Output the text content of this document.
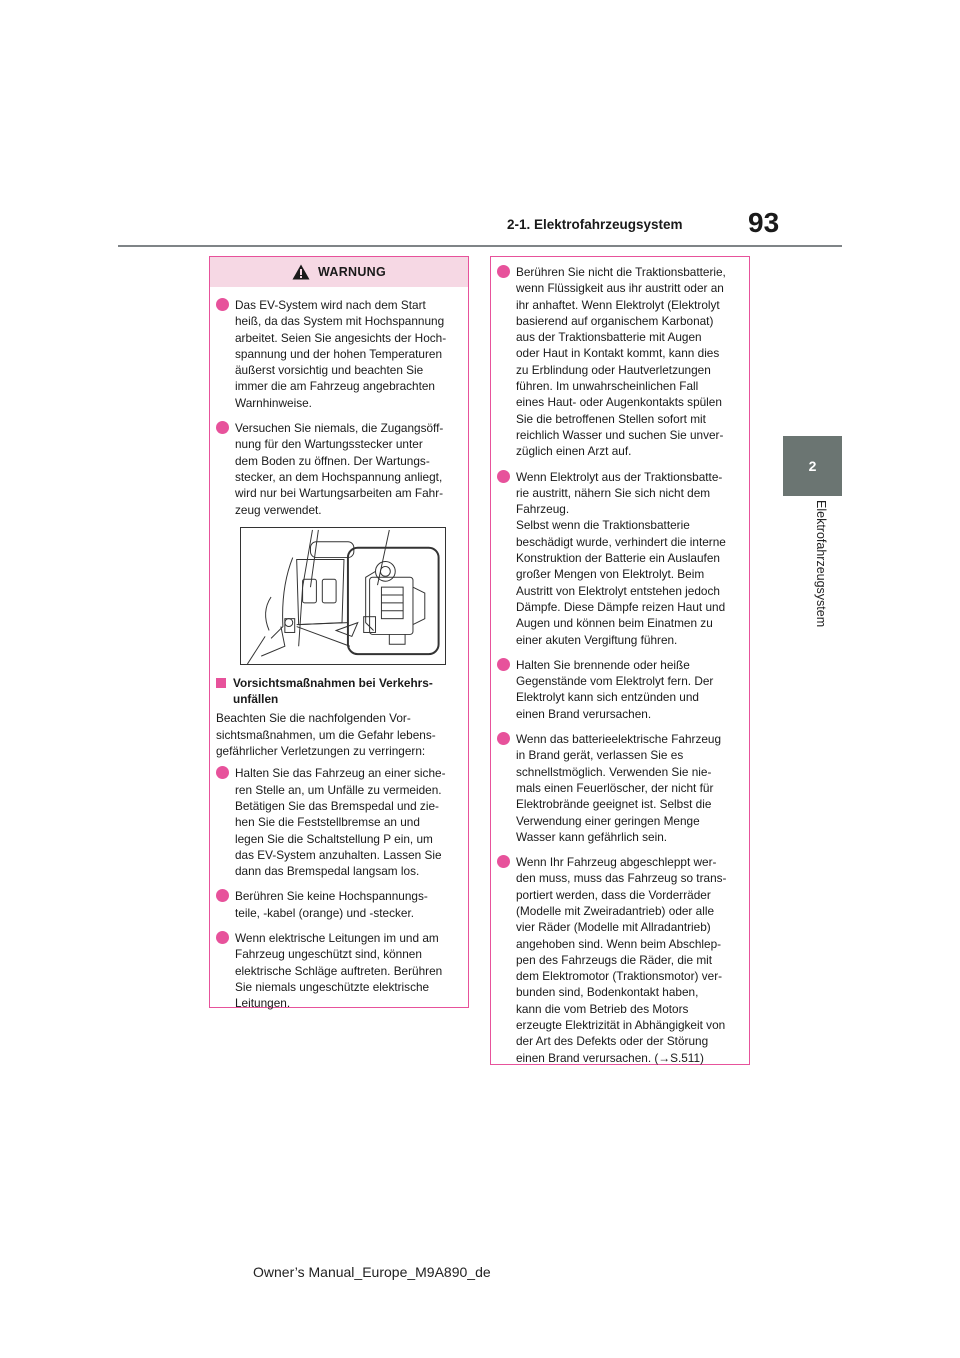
93
2-1. Elektrofahrzeugsystem
2
Elektrofahrzeugsystem
WARNUNG
Das EV-System wird nach dem Start
heiß, da das System mit Hochspannung
arbeitet. Seien Sie angesichts der Hoch-
spannung und der hohen Temperaturen
äußerst vorsichtig und beachten Sie
immer die am Fahrzeug angebrachten
Warnhinweise.
Versuchen Sie niemals, die Zugangsöff-
nung für den Wartungsstecker unter
dem Boden zu öffnen. Der Wartungs-
stecker, an dem Hochspannung anliegt,
wird nur bei Wartungsarbeiten am Fahr-
zeug verwendet.
Vorsichtsmaßnahmen bei Verkehrs-
unfällen
Beachten Sie die nachfolgenden Vor-
sichtsmaßnahmen, um die Gefahr lebens-
gefährlicher Verletzungen zu verringern:
Halten Sie das Fahrzeug an einer siche-
ren Stelle an, um Unfälle zu vermeiden.
Betätigen Sie das Bremspedal und zie-
hen Sie die Feststellbremse an und
legen Sie die Schaltstellung P ein, um
das EV-System anzuhalten. Lassen Sie
dann das Bremspedal langsam los.
Berühren Sie keine Hochspannungs-
teile, -kabel (orange) und -stecker.
Wenn elektrische Leitungen im und am
Fahrzeug ungeschützt sind, können
elektrische Schläge auftreten. Berühren
Sie niemals ungeschützte elektrische
Leitungen.
Berühren Sie nicht die Traktionsbatterie,
wenn Flüssigkeit aus ihr austritt oder an
ihr anhaftet. Wenn Elektrolyt (Elektrolyt
basierend auf organischem Karbonat)
aus der Traktionsbatterie mit Augen
oder Haut in Kontakt kommt, kann dies
zu Erblindung oder Hautverletzungen
führen. Im unwahrscheinlichen Fall
eines Haut- oder Augenkontakts spülen
Sie die betroffenen Stellen sofort mit
reichlich Wasser und suchen Sie unver-
züglich einen Arzt auf.
Wenn Elektrolyt aus der Traktionsbatte-
rie austritt, nähern Sie sich nicht dem
Fahrzeug.
Selbst wenn die Traktionsbatterie
beschädigt wurde, verhindert die interne
Konstruktion der Batterie ein Auslaufen
großer Mengen von Elektrolyt. Beim
Austritt von Elektrolyt entstehen jedoch
Dämpfe. Diese Dämpfe reizen Haut und
Augen und können beim Einatmen zu
einer akuten Vergiftung führen.
Halten Sie brennende oder heiße
Gegenstände vom Elektrolyt fern. Der
Elektrolyt kann sich entzünden und
einen Brand verursachen.
Wenn das batterieelektrische Fahrzeug
in Brand gerät, verlassen Sie es
schnellstmöglich. Verwenden Sie nie-
mals einen Feuerlöscher, der nicht für
Elektrobrände geeignet ist. Selbst die
Verwendung einer geringen Menge
Wasser kann gefährlich sein.
Wenn Ihr Fahrzeug abgeschleppt wer-
den muss, muss das Fahrzeug so trans-
portiert werden, dass die Vorderräder
(Modelle mit Zweiradantrieb) oder alle
vier Räder (Modelle mit Allradantrieb)
angehoben sind. Wenn beim Abschlep-
pen des Fahrzeugs die Räder, die mit
dem Elektromotor (Traktionsmotor) ver-
bunden sind, Bodenkontakt haben,
kann die vom Betrieb des Motors
erzeugte Elektrizität in Abhängigkeit von
der Art des Defekts oder der Störung
einen Brand verursachen. (→S.511)
Owner’s Manual_Europe_M9A890_de
